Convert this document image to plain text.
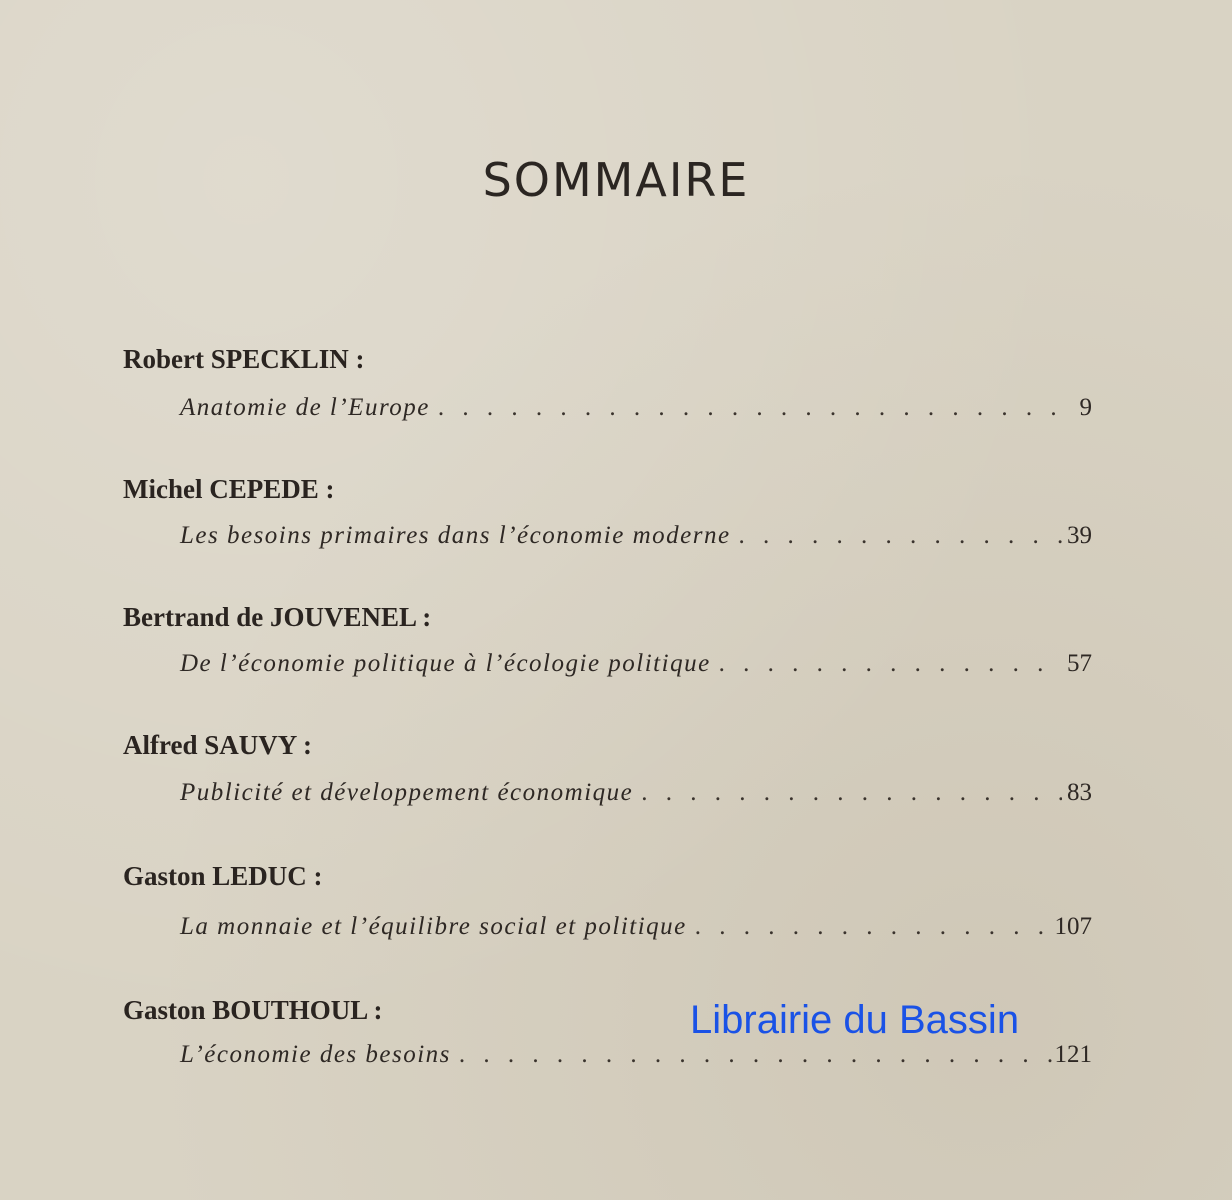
SOMMAIRE
Robert SPECKLIN :
Anatomie de l’Europe . . .	9
Michel CEPEDE :
Les besoins primaires dans l’économie moderne . . .	39
Bertrand de JOUVENEL :
De l’économie politique à l’écologie politique . . .	57
Alfred SAUVY :
Publicité et développement économique . . .	83
Gaston LEDUC :
La monnaie et l’équilibre social et politique . . .	107
Gaston BOUTHOUL :
L’économie des besoins . . .	121
Librairie du Bassin
